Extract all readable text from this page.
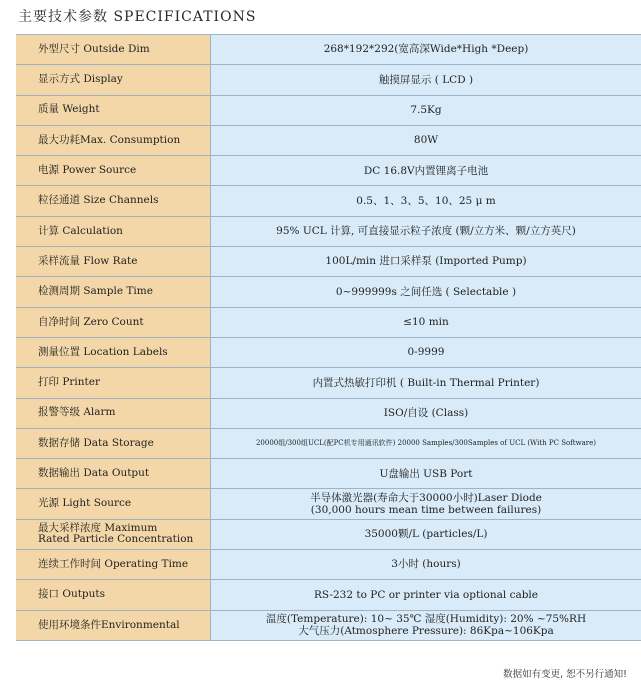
主要技术参数 SPECIFICATIONS
外型尺寸 Outside Dim	268*192*292(宽高深Wide*High *Deep)
显示方式 Display	触摸屏显示 ( LCD )
质量 Weight	7.5Kg
最大功耗Max. Consumption	80W
电源 Power Source	DC 16.8V内置锂离子电池
粒径通道 Size Channels	0.5、1、3、5、10、25 μ m
计算 Calculation	95% UCL 计算, 可直接显示粒子浓度 (颗/立方米、颗/立方英尺)
采样流量 Flow Rate	100L/min 进口采样泵 (Imported Pump)
检测周期 Sample Time	0~999999s 之间任选 ( Selectable )
自净时间 Zero Count	≤10 min
测量位置 Location Labels	0-9999
打印 Printer	内置式热敏打印机 ( Built-in Thermal Printer)
报警等级 Alarm	ISO/自设 (Class)
数据存储 Data Storage	20000组/300组UCL(配PC机专用通讯软件) 20000 Samples/300Samples of UCL (With PC Software)
数据输出 Data Output	U盘输出 USB Port
光源 Light Source	半导体激光器(寿命大于30000小时)Laser Diode
(30,000 hours mean time between failures)
最大采样浓度 Maximum
Rated Particle Concentration	35000颗/L (particles/L)
连续工作时间 Operating Time	3小时 (hours)
接口 Outputs	RS-232 to PC or printer via optional cable
使用环境条件Environmental	温度(Temperature): 10~ 35℃ 湿度(Humidity): 20% ~75%RH
大气压力(Atmosphere Pressure): 86Kpa~106Kpa
数据如有变更, 恕不另行通知!
